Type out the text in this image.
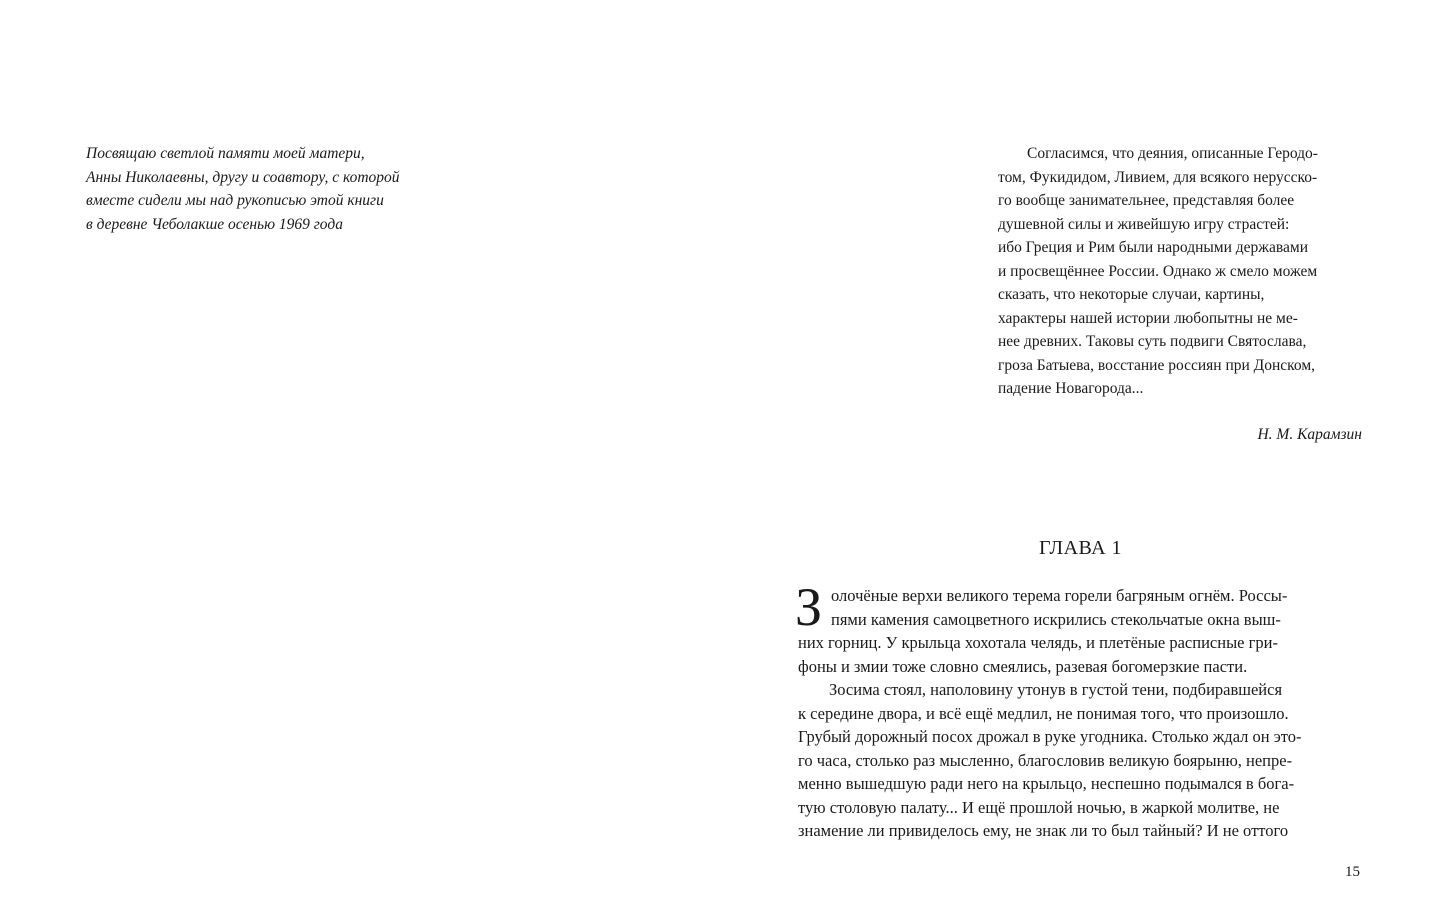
Посвящаю светлой памяти моей матери,
Анны Николаевны, другу и соавтору, с которой
вместе сидели мы над рукописью этой книги
в деревне Чеболакше осенью 1969 года
Согласимся, что деяния, описанные Геродо-
том, Фукидидом, Ливием, для всякого нерусско-
го вообще занимательнее, представляя более
душевной силы и живейшую игру страстей:
ибо Греция и Рим были народными державами
и просвещённее России. Однако ж смело можем
сказать, что некоторые случаи, картины,
характеры нашей истории любопытны не ме-
нее древних. Таковы суть подвиги Святослава,
гроза Батыева, восстание россиян при Донском,
падение Новагорода...
Н. М. Карамзин
ГЛАВА 1
З олочёные верхи великого терема горели багряным огнём. Россы-
пями камения самоцветного искрились стекольчатые окна выш-
них горниц. У крыльца хохотала челядь, и плетёные расписные гри-
фоны и змии тоже словно смеялись, разевая богомерзкие пасти.
Зосима стоял, наполовину утонув в густой тени, подбиравшейся
к середине двора, и всё ещё медлил, не понимая того, что произошло.
Грубый дорожный посох дрожал в руке угодника. Столько ждал он это-
го часа, столько раз мысленно, благословив великую боярыню, непре-
менно вышедшую ради него на крыльцо, неспешно подымался в бога-
тую столовую палату... И ещё прошлой ночью, в жаркой молитве, не
знамение ли привиделось ему, не знак ли то был тайный? И не оттого
15
